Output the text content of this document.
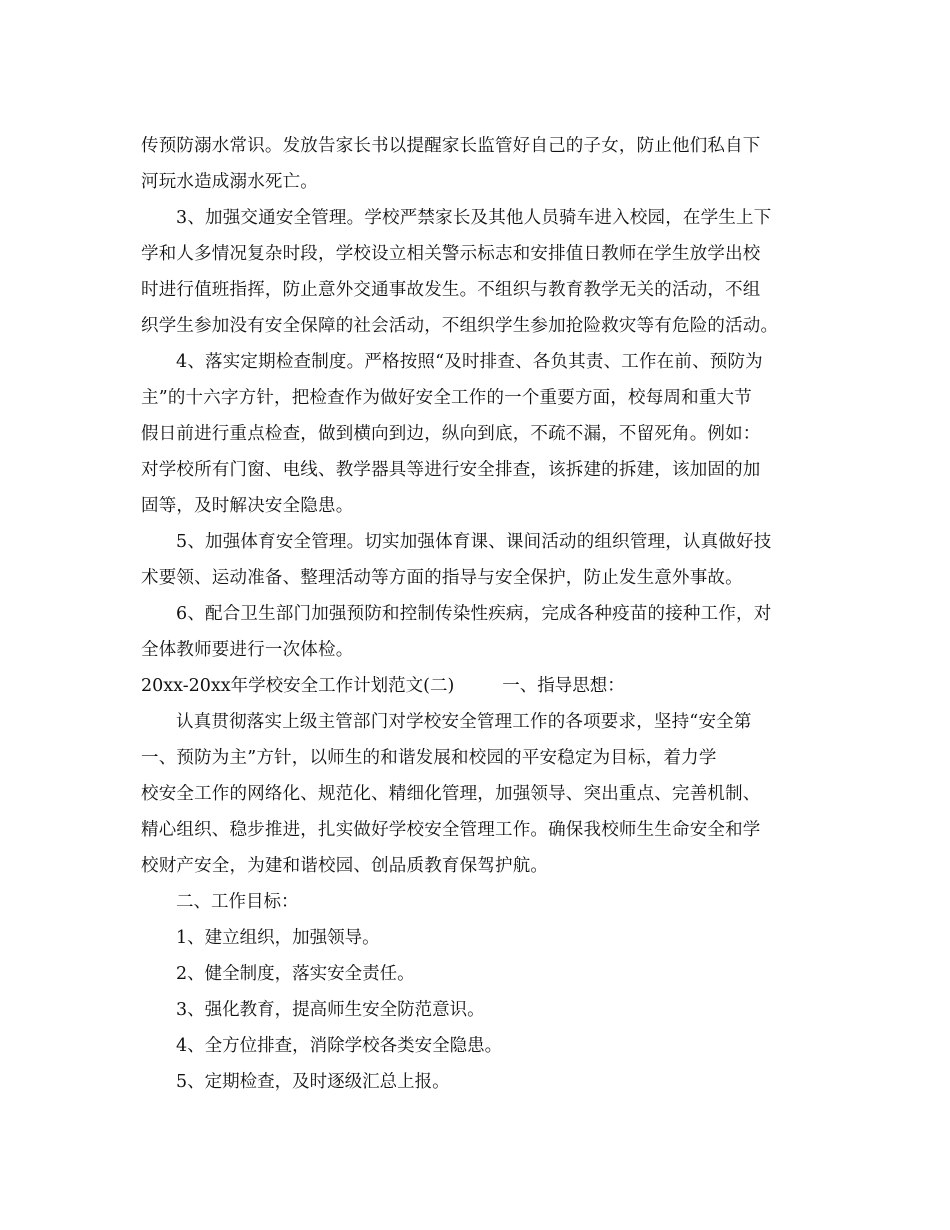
传预防溺水常识。发放告家长书以提醒家长监管好自己的子女，防止他们私自下
河玩水造成溺水死亡。
3、加强交通安全管理。学校严禁家长及其他人员骑车进入校园，在学生上下
学和人多情况复杂时段，学校设立相关警示标志和安排值日教师在学生放学出校
时进行值班指挥，防止意外交通事故发生。不组织与教育教学无关的活动，不组
织学生参加没有安全保障的社会活动，不组织学生参加抢险救灾等有危险的活动。
4、落实定期检查制度。严格按照“及时排查、各负其责、工作在前、预防为
主”的十六字方针，把检查作为做好安全工作的一个重要方面，校每周和重大节
假日前进行重点检查，做到横向到边，纵向到底，不疏不漏，不留死角。例如：
对学校所有门窗、电线、教学器具等进行安全排查，该拆建的拆建，该加固的加
固等，及时解决安全隐患。
5、加强体育安全管理。切实加强体育课、课间活动的组织管理，认真做好技
术要领、运动准备、整理活动等方面的指导与安全保护，防止发生意外事故。
6、配合卫生部门加强预防和控制传染性疾病，完成各种疫苗的接种工作，对
全体教师要进行一次体检。

20xx-20xx年学校安全工作计划范文(二)	一、指导思想：

认真贯彻落实上级主管部门对学校安全管理工作的各项要求，坚持“安全第
一、预防为主”方针，以师生的和谐发展和校园的平安稳定为目标，着力学
校安全工作的网络化、规范化、精细化管理，加强领导、突出重点、完善机制、
精心组织、稳步推进，扎实做好学校安全管理工作。确保我校师生生命安全和学
校财产安全，为建和谐校园、创品质教育保驾护航。

二、工作目标：

1、建立组织，加强领导。

2、健全制度，落实安全责任。

3、强化教育，提高师生安全防范意识。

4、全方位排查，消除学校各类安全隐患。

5、定期检查，及时逐级汇总上报。
